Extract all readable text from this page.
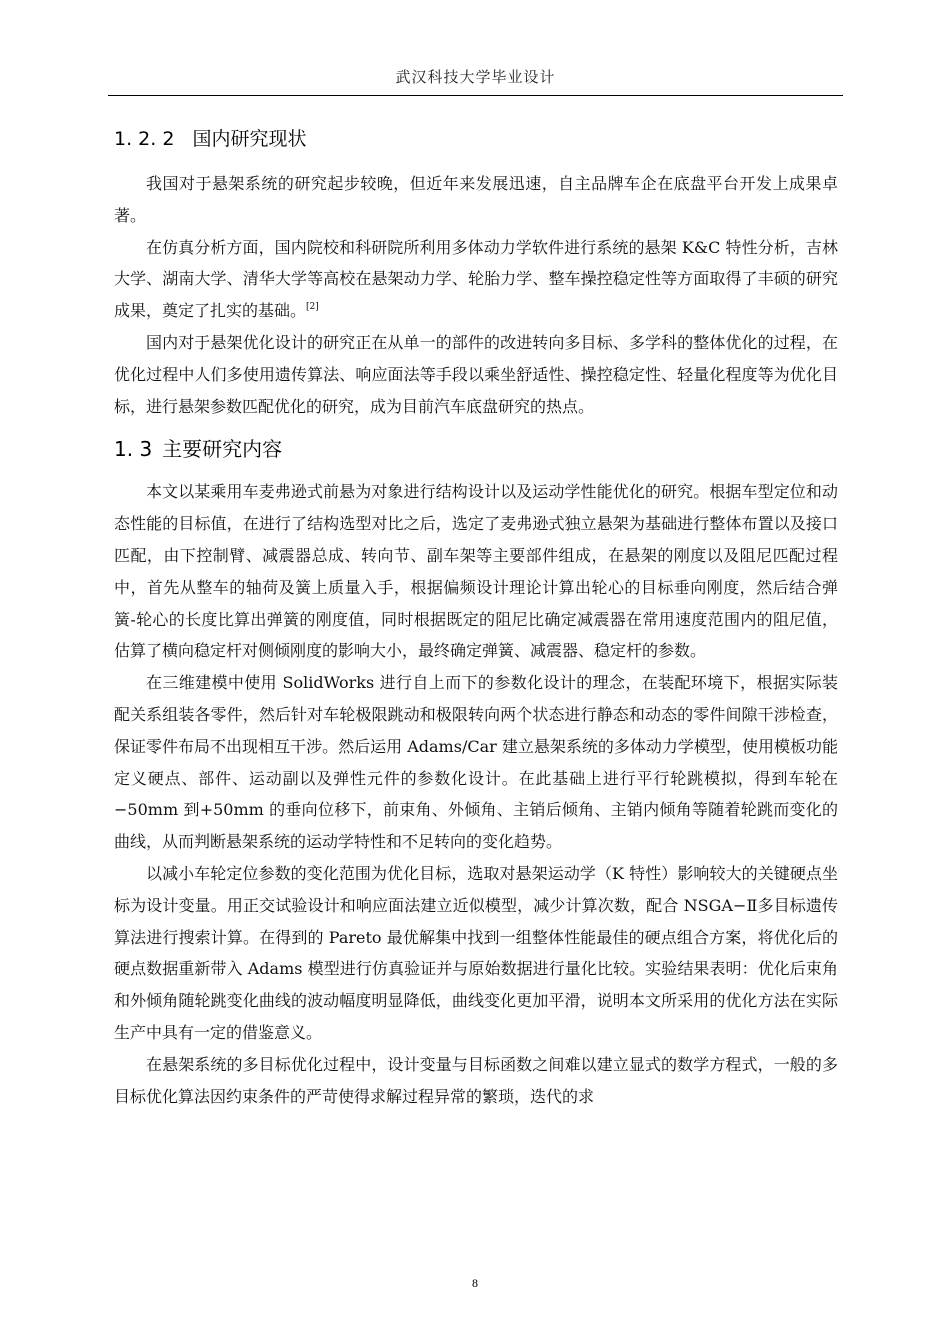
武汉科技大学毕业设计
1. 2. 2 国内研究现状

我国对于悬架系统的研究起步较晚，但近年来发展迅速，自主品牌车企在底盘平台开发上成果卓著。

在仿真分析方面，国内院校和科研院所利用多体动力学软件进行系统的悬架 K&C 特性分析，吉林大学、湖南大学、清华大学等高校在悬架动力学、轮胎力学、整车操控稳定性等方面取得了丰硕的研究成果，奠定了扎实的基础。[2]

国内对于悬架优化设计的研究正在从单一的部件的改进转向多目标、多学科的整体优化的过程，在优化过程中人们多使用遗传算法、响应面法等手段以乘坐舒适性、操控稳定性、轻量化程度等为优化目标，进行悬架参数匹配优化的研究，成为目前汽车底盘研究的热点。

1. 3 主要研究内容

本文以某乘用车麦弗逊式前悬为对象进行结构设计以及运动学性能优化的研究。根据车型定位和动态性能的目标值，在进行了结构选型对比之后，选定了麦弗逊式独立悬架为基础进行整体布置以及接口匹配，由下控制臂、减震器总成、转向节、副车架等主要部件组成，在悬架的刚度以及阻尼匹配过程中，首先从整车的轴荷及簧上质量入手，根据偏频设计理论计算出轮心的目标垂向刚度，然后结合弹簧-轮心的长度比算出弹簧的刚度值，同时根据既定的阻尼比确定减震器在常用速度范围内的阻尼值，估算了横向稳定杆对侧倾刚度的影响大小，最终确定弹簧、减震器、稳定杆的参数。

在三维建模中使用 SolidWorks 进行自上而下的参数化设计的理念，在装配环境下，根据实际装配关系组装各零件，然后针对车轮极限跳动和极限转向两个状态进行静态和动态的零件间隙干涉检查，保证零件布局不出现相互干涉。然后运用 Adams/Car 建立悬架系统的多体动力学模型，使用模板功能定义硬点、部件、运动副以及弹性元件的参数化设计。在此基础上进行平行轮跳模拟，得到车轮在−50mm 到+50mm 的垂向位移下，前束角、外倾角、主销后倾角、主销内倾角等随着轮跳而变化的曲线，从而判断悬架系统的运动学特性和不足转向的变化趋势。

以减小车轮定位参数的变化范围为优化目标，选取对悬架运动学（K 特性）影响较大的关键硬点坐标为设计变量。用正交试验设计和响应面法建立近似模型，减少计算次数，配合 NSGA−Ⅱ多目标遗传算法进行搜索计算。在得到的 Pareto 最优解集中找到一组整体性能最佳的硬点组合方案，将优化后的硬点数据重新带入 Adams 模型进行仿真验证并与原始数据进行量化比较。实验结果表明：优化后束角和外倾角随轮跳变化曲线的波动幅度明显降低，曲线变化更加平滑，说明本文所采用的优化方法在实际生产中具有一定的借鉴意义。

在悬架系统的多目标优化过程中，设计变量与目标函数之间难以建立显式的数学方程式，一般的多目标优化算法因约束条件的严苛使得求解过程异常的繁琐，迭代的求

8
